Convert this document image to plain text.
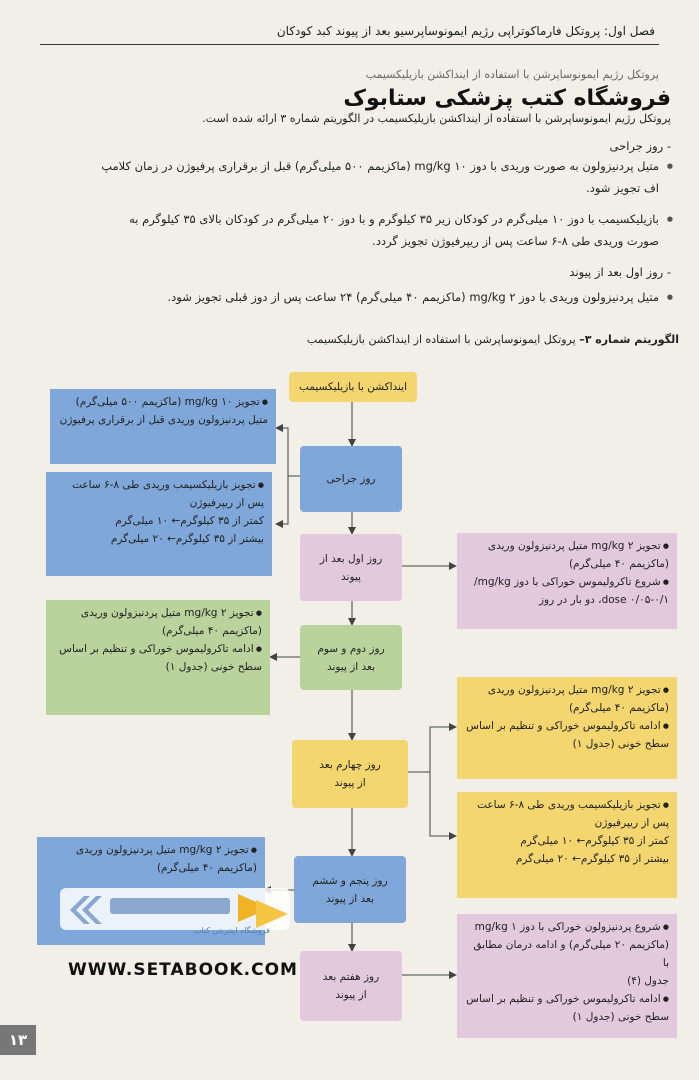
فصل اول: پروتکل فارماکوتراپی رژیم ایمونوساپرسیو بعد از پیوند کبد کودکان
پروتکل رژیم ایمونوساپرشن با استفاده از اینداکشن بازیلیکسیمب
فروشگاه کتب پزشکی ستابوک
پروتکل رژیم ایمونوساپرشن با استفاده از اینداکشن بازیلیکسیمب در الگوریتم شماره ۳ ارائه شده است.
- روز جراحی
● متیل پردنیزولون به صورت وریدی با دوز ۱۰ mg/kg (ماکزیمم ۵۰۰ میلی‌گرم) قبل از برقراری پرفیوژن در زمان کلامپ
اف تجویز شود.
● بازیلیکسیمب با دوز ۱۰ میلی‌گرم در کودکان زیر ۳۵ کیلوگرم و با دوز ۲۰ میلی‌گرم در کودکان بالای ۳۵ کیلوگرم به
صورت وریدی طی ۸-۶ ساعت پس از ریپرفیوژن تجویز گردد.
- روز اول بعد از پیوند
● متیل پردنیزولون وریدی با دوز ۲ mg/kg (ماکزیمم ۴۰ میلی‌گرم) ۲۴ ساعت پس از دوز قبلی تجویز شود.
الگوریتم شماره ۳– پروتکل ایمونوساپرشن با استفاده از اینداکشن بازیلیکسیمب
اینداکشن با بازیلیکسیمب
روز جراحی
روز اول بعد از
پیوند
روز دوم و سوم
بعد از پیوند
روز چهارم بعد
از پیوند
روز پنجم و ششم
بعد از پیوند
روز هفتم بعد
از پیوند

● تجویز ۱۰ mg/kg (ماکزیمم ۵۰۰ میلی‌گرم)

متیل پردنیزولون وریدی قبل از برقراری پرفیوژن

● تجویز بازیلیکسیمب وریدی طی ۸-۶ ساعت

پس از ریپرفیوژن

کمتر از ۳۵ کیلوگرم← ۱۰ میلی‌گرم

بیشتر از ۳۵ کیلوگرم← ۲۰ میلی‌گرم

● تجویز ۲ mg/kg متیل پردنیزولون وریدی

(ماکزیمم ۴۰ میلی‌گرم)

● شروع تاکرولیموس خوراکی با دوز mg/kg/

dose ۰/۰۵-۰/۱، دو بار در روز

● تجویز ۲ mg/kg متیل پردنیزولون وریدی

(ماکزیمم ۴۰ میلی‌گرم)

● ادامه تاکرولیموس خوراکی و تنظیم بر اساس

سطح خونی (جدول ۱)

● تجویز ۲ mg/kg متیل پردنیزولون وریدی

(ماکزیمم ۴۰ میلی‌گرم)

● ادامه تاکرولیموس خوراکی و تنظیم بر اساس

سطح خونی (جدول ۱)

● تجویز بازیلیکسیمب وریدی طی ۸-۶ ساعت

پس از ریپرفیوژن

کمتر از ۳۵ کیلوگرم← ۱۰ میلی‌گرم

بیشتر از ۳۵ کیلوگرم← ۲۰ میلی‌گرم

● تجویز ۲ mg/kg متیل پردنیزولون وریدی

(ماکزیمم ۴۰ میلی‌گرم)

● شروع پردنیزولون خوراکی با دوز ۱ mg/kg

(ماکزیمم ۲۰ میلی‌گرم) و ادامه درمان مطابق با

جدول (۴)

● ادامه تاکرولیموس خوراکی و تنظیم بر اساس

سطح خونی (جدول ۱)

فروشگاه اینترنتی کتاب
WWW.SETABOOK.COM
۱۳
